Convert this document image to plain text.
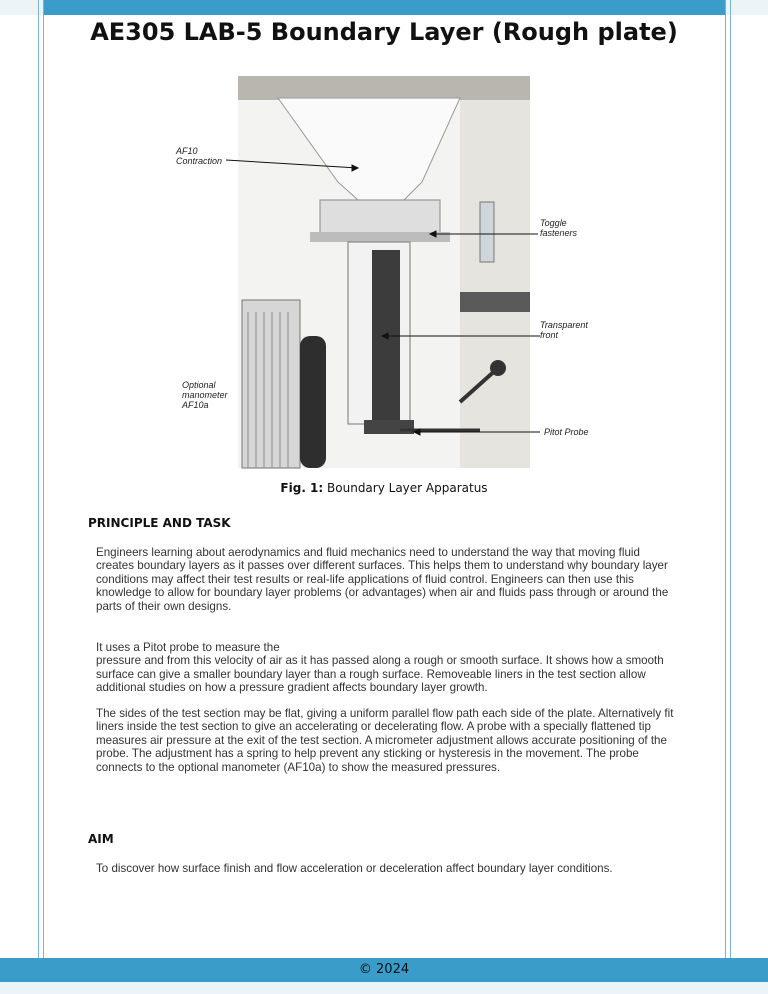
AE305 LAB-5 Boundary Layer (Rough plate)
AF10
Contraction
Toggle
fasteners
Transparent
front
Optional
manometer
AF10a
Pitot Probe
Fig. 1: Boundary Layer Apparatus
PRINCIPLE AND TASK
Engineers learning about aerodynamics and fluid mechanics need to understand the way that moving fluid creates boundary layers as it passes over different surfaces. This helps them to understand why boundary layer conditions may affect their test results or real-life applications of fluid control. Engineers can then use this knowledge to allow for boundary layer problems (or advantages) when air and fluids pass through or around the parts of their own designs.
It uses a Pitot probe to measure the
pressure and from this velocity of air as it has passed along a rough or smooth surface. It shows how a smooth surface can give a smaller boundary layer than a rough surface. Removeable liners in the test section allow additional studies on how a pressure gradient affects boundary layer growth.
The sides of the test section may be flat, giving a uniform parallel flow path each side of the plate. Alternatively fit liners inside the test section to give an accelerating or decelerating flow. A probe with a specially flattened tip measures air pressure at the exit of the test section. A micrometer adjustment allows accurate positioning of the probe. The adjustment has a spring to help prevent any sticking or hysteresis in the movement. The probe connects to the optional manometer (AF10a) to show the measured pressures.
AIM
To discover how surface finish and flow acceleration or deceleration affect boundary layer conditions.
© 2024
